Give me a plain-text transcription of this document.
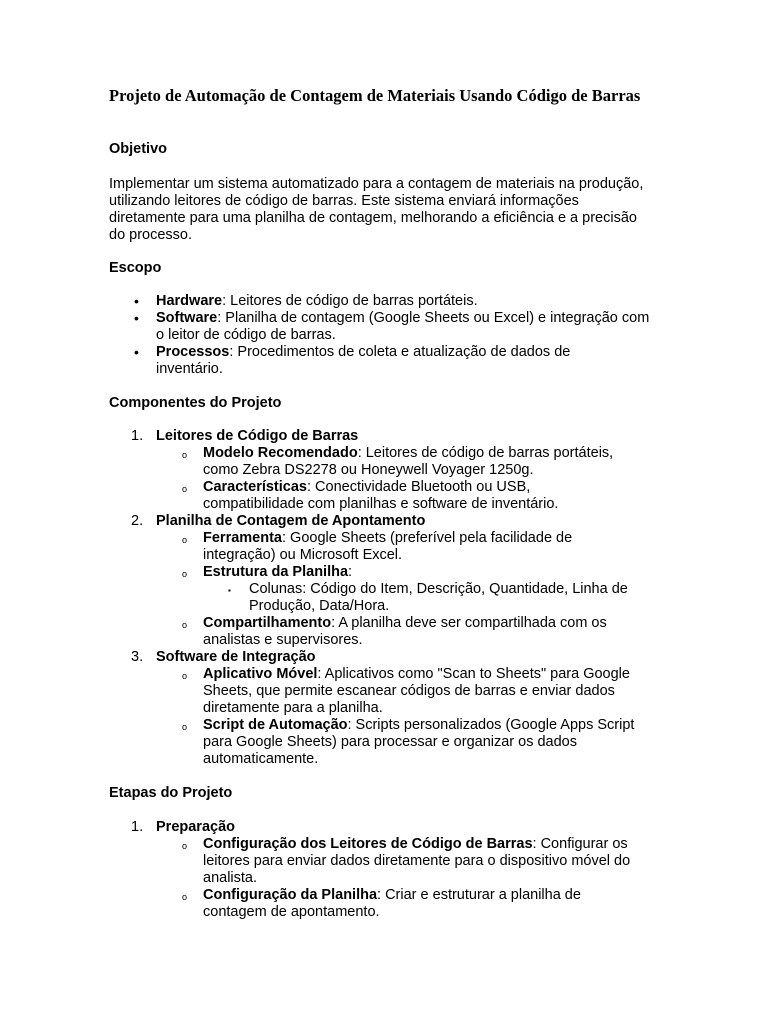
Projeto de Automação de Contagem de Materiais Usando Código de Barras

Objetivo

Implementar um sistema automatizado para a contagem de materiais na produção, utilizando leitores de código de barras. Este sistema enviará informações diretamente para uma planilha de contagem, melhorando a eficiência e a precisão do processo.

Escopo

• Hardware: Leitores de código de barras portáteis.
• Software: Planilha de contagem (Google Sheets ou Excel) e integração com o leitor de código de barras.
• Processos: Procedimentos de coleta e atualização de dados de inventário.

Componentes do Projeto

1. Leitores de Código de Barras
o Modelo Recomendado: Leitores de código de barras portáteis, como Zebra DS2278 ou Honeywell Voyager 1250g.
o Características: Conectividade Bluetooth ou USB, compatibilidade com planilhas e software de inventário.
2. Planilha de Contagem de Apontamento
o Ferramenta: Google Sheets (preferível pela facilidade de integração) ou Microsoft Excel.
o Estrutura da Planilha:
▪ Colunas: Código do Item, Descrição, Quantidade, Linha de Produção, Data/Hora.
o Compartilhamento: A planilha deve ser compartilhada com os analistas e supervisores.
3. Software de Integração
o Aplicativo Móvel: Aplicativos como "Scan to Sheets" para Google Sheets, que permite escanear códigos de barras e enviar dados diretamente para a planilha.
o Script de Automação: Scripts personalizados (Google Apps Script para Google Sheets) para processar e organizar os dados automaticamente.

Etapas do Projeto

1. Preparação
o Configuração dos Leitores de Código de Barras: Configurar os leitores para enviar dados diretamente para o dispositivo móvel do analista.
o Configuração da Planilha: Criar e estruturar a planilha de contagem de apontamento.
